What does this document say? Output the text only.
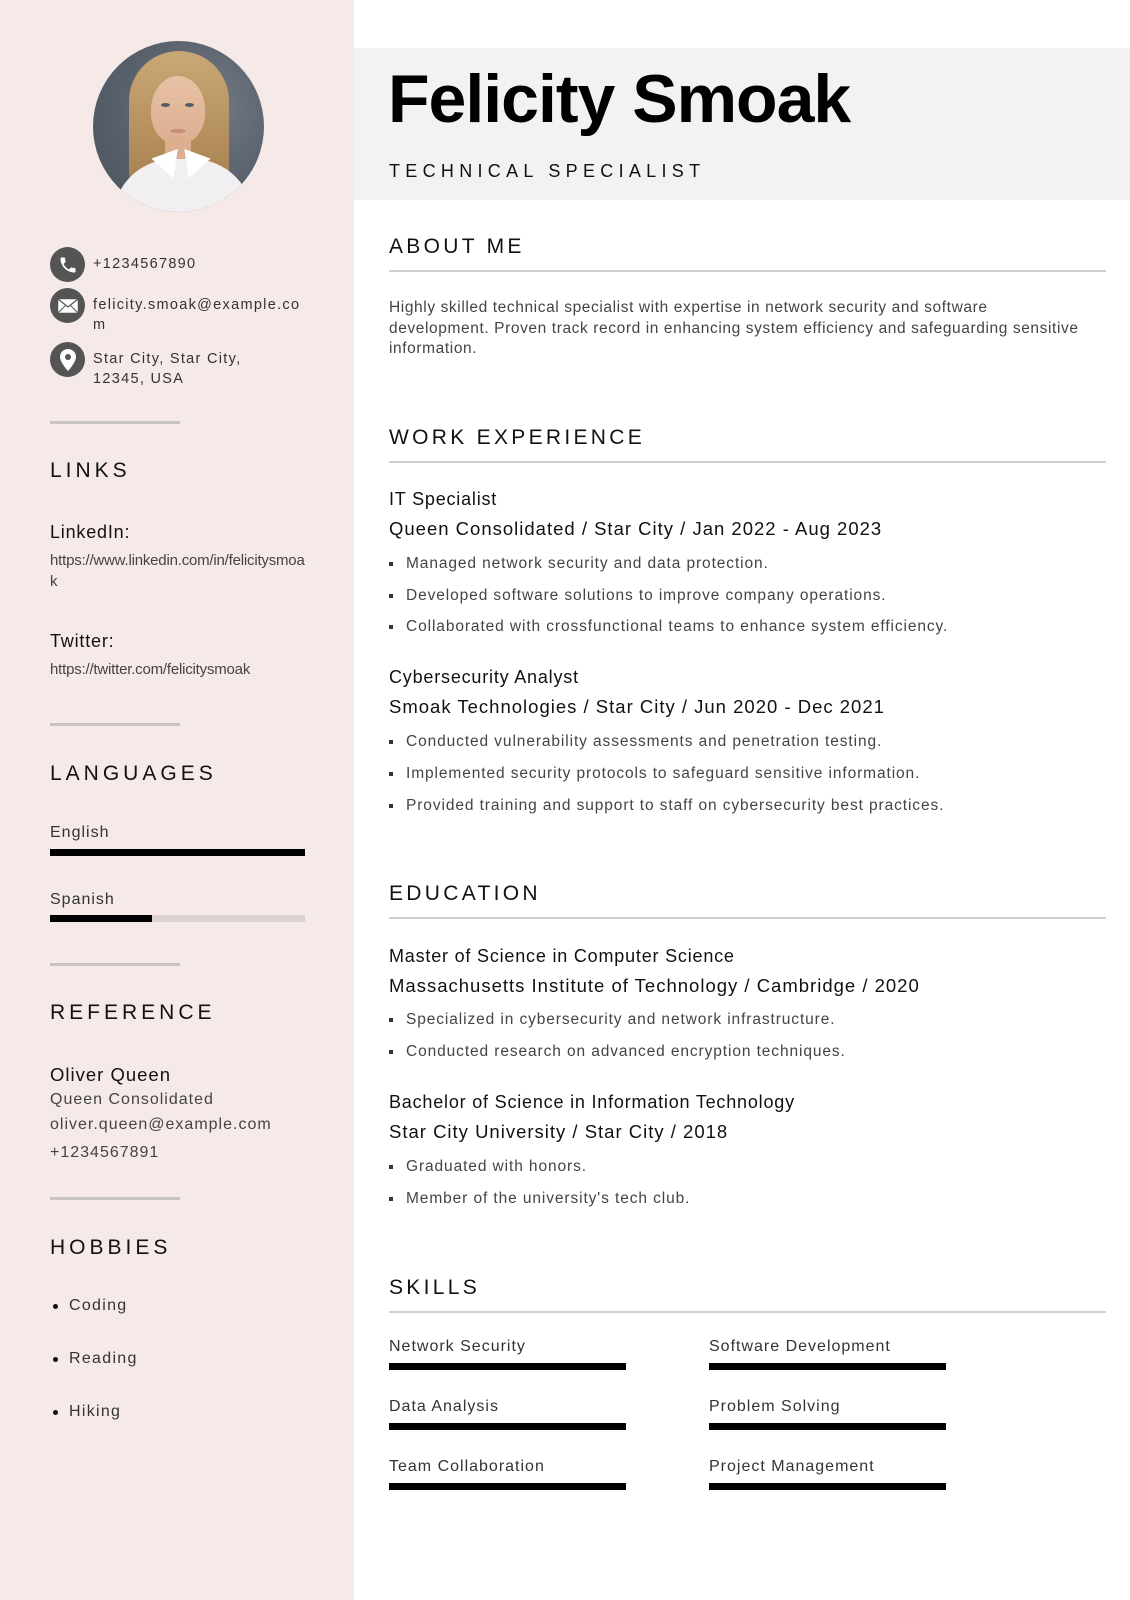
+1234567890
felicity.smoak@example.com
Star City, Star City, 12345, USA
LINKS
LinkedIn:
https://www.linkedin.com/in/felicitysmoak
Twitter:
https://twitter.com/felicitysmoak
LANGUAGES
English
Spanish
REFERENCE
Oliver Queen
Queen Consolidated
oliver.queen@example.com
+1234567891
HOBBIES
Coding
Reading
Hiking
Felicity Smoak
TECHNICAL SPECIALIST
ABOUT ME
Highly skilled technical specialist with expertise in network security and software development. Proven track record in enhancing system efficiency and safeguarding sensitive information.
WORK EXPERIENCE
IT Specialist
Queen Consolidated / Star City / Jan 2022 - Aug 2023
Managed network security and data protection.
Developed software solutions to improve company operations.
Collaborated with crossfunctional teams to enhance system efficiency.
Cybersecurity Analyst
Smoak Technologies / Star City / Jun 2020 - Dec 2021
Conducted vulnerability assessments and penetration testing.
Implemented security protocols to safeguard sensitive information.
Provided training and support to staff on cybersecurity best practices.
EDUCATION
Master of Science in Computer Science
Massachusetts Institute of Technology / Cambridge / 2020
Specialized in cybersecurity and network infrastructure.
Conducted research on advanced encryption techniques.
Bachelor of Science in Information Technology
Star City University / Star City / 2018
Graduated with honors.
Member of the university's tech club.
SKILLS
Network Security	Software Development
Data Analysis	Problem Solving
Team Collaboration	Project Management
